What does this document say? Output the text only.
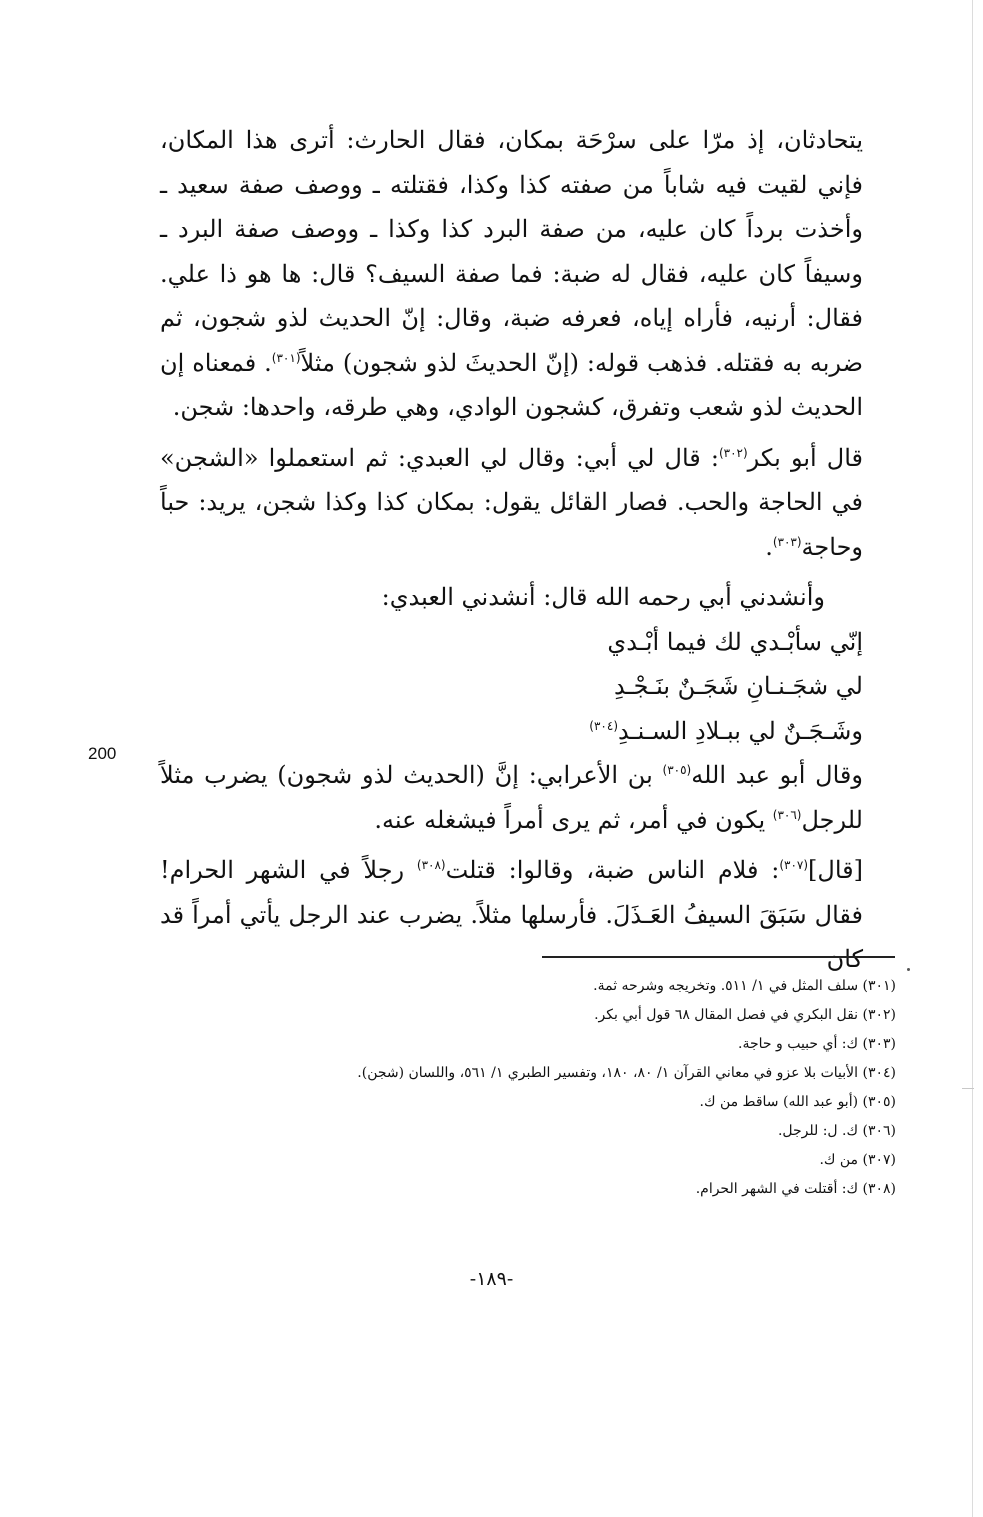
200

يتحادثان، إذ مرّا على سرْحَة بمكان، فقال الحارث: أترى هذا المكان، فإني لقيت فيه شاباً من صفته كذا وكذا، فقتلته ـ ووصف صفة سعيد ـ وأخذت برداً كان عليه، من صفة البرد كذا وكذا ـ ووصف صفة البرد ـ وسيفاً كان عليه، فقال له ضبة: فما صفة السيف؟ قال: ها هو ذا علي. فقال: أرنيه، فأراه إياه، فعرفه ضبة، وقال: إنّ الحديث لذو شجون، ثم ضربه به فقتله. فذهب قوله: (إنّ الحديثَ لذو شجون) مثلاً$^{(٣٠١)}$. فمعناه إن الحديث لذو شعب وتفرق، كشجون الوادي، وهي طرقه، واحدها: شجن.

قال أبو بكر$^{(٣٠٢)}$: قال لي أبي: وقال لي العبدي: ثم استعملوا «الشجن» في الحاجة والحب. فصار القائل يقول: بمكان كذا وكذا شجن، يريد: حباً وحاجة$^{(٣٠٣)}$.

وأنشدني أبي رحمه الله قال: أنشدني العبدي:

إنّي سأبْـدي لك فيما أبْـدي

لي شجَـنـانِ شَجَـنٌ بنَـجْـدِ

وشَـجَـنٌ لي ببـلادِ السـنـدِ$^{(٣٠٤)}$

وقال أبو عبد الله$^{(٣٠٥)}$ بن الأعرابي: إنَّ (الحديث لذو شجون) يضرب مثلاً للرجل$^{(٣٠٦)}$ يكون في أمر، ثم يرى أمراً فيشغله عنه.

[قال]$^{(٣٠٧)}$: فلام الناس ضبة، وقالوا: قتلت$^{(٣٠٨)}$ رجلاً في الشهر الحرام! فقال سَبَقَ السيفُ العَـذَلَ. فأرسلها مثلاً. يضرب عند الرجل يأتي أمراً قد كان

(٣٠١) سلف المثل في ١/ ٥١١. وتخريجه وشرحه ثمة.

(٣٠٢) نقل البكري في فصل المقال ٦٨ قول أبي بكر.

(٣٠٣) ك: أي حبيب و حاجة.

(٣٠٤) الأبيات بلا عزو في معاني القرآن ١/ ٨٠، ١٨٠، وتفسير الطبري ١/ ٥٦١، واللسان (شجن).

(٣٠٥) (أبو عبد الله) ساقط من ك.

(٣٠٦) ك. ل: للرجل.

(٣٠٧) من ك.

(٣٠٨) ك: أقتلت في الشهر الحرام.

-١٨٩-
